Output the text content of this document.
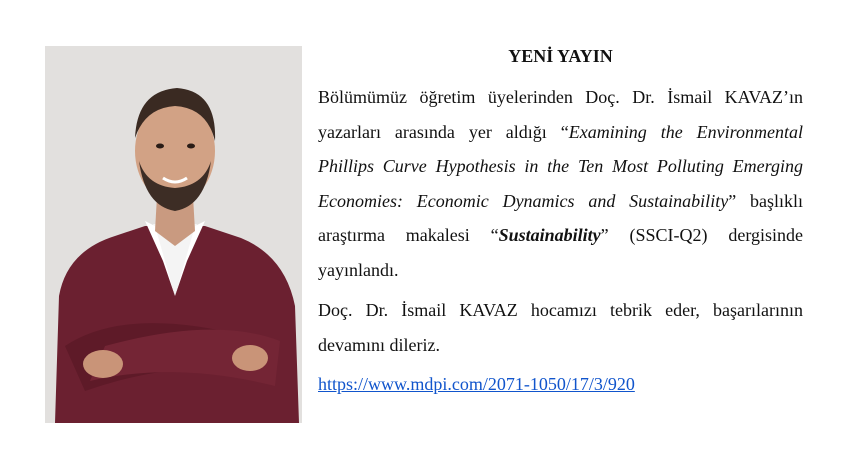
YENİ YAYIN

Bölümümüz öğretim üyelerinden Doç. Dr. İsmail KAVAZ’ın yazarları arasında yer aldığı “Examining the Environmental Phillips Curve Hypothesis in the Ten Most Polluting Emerging Economies: Economic Dynamics and Sustainability” başlıklı araştırma makalesi “Sustainability” (SSCI-Q2) dergisinde yayınlandı.

Doç. Dr. İsmail KAVAZ hocamızı tebrik eder, başarılarının devamını dileriz.

https://www.mdpi.com/2071-1050/17/3/920
